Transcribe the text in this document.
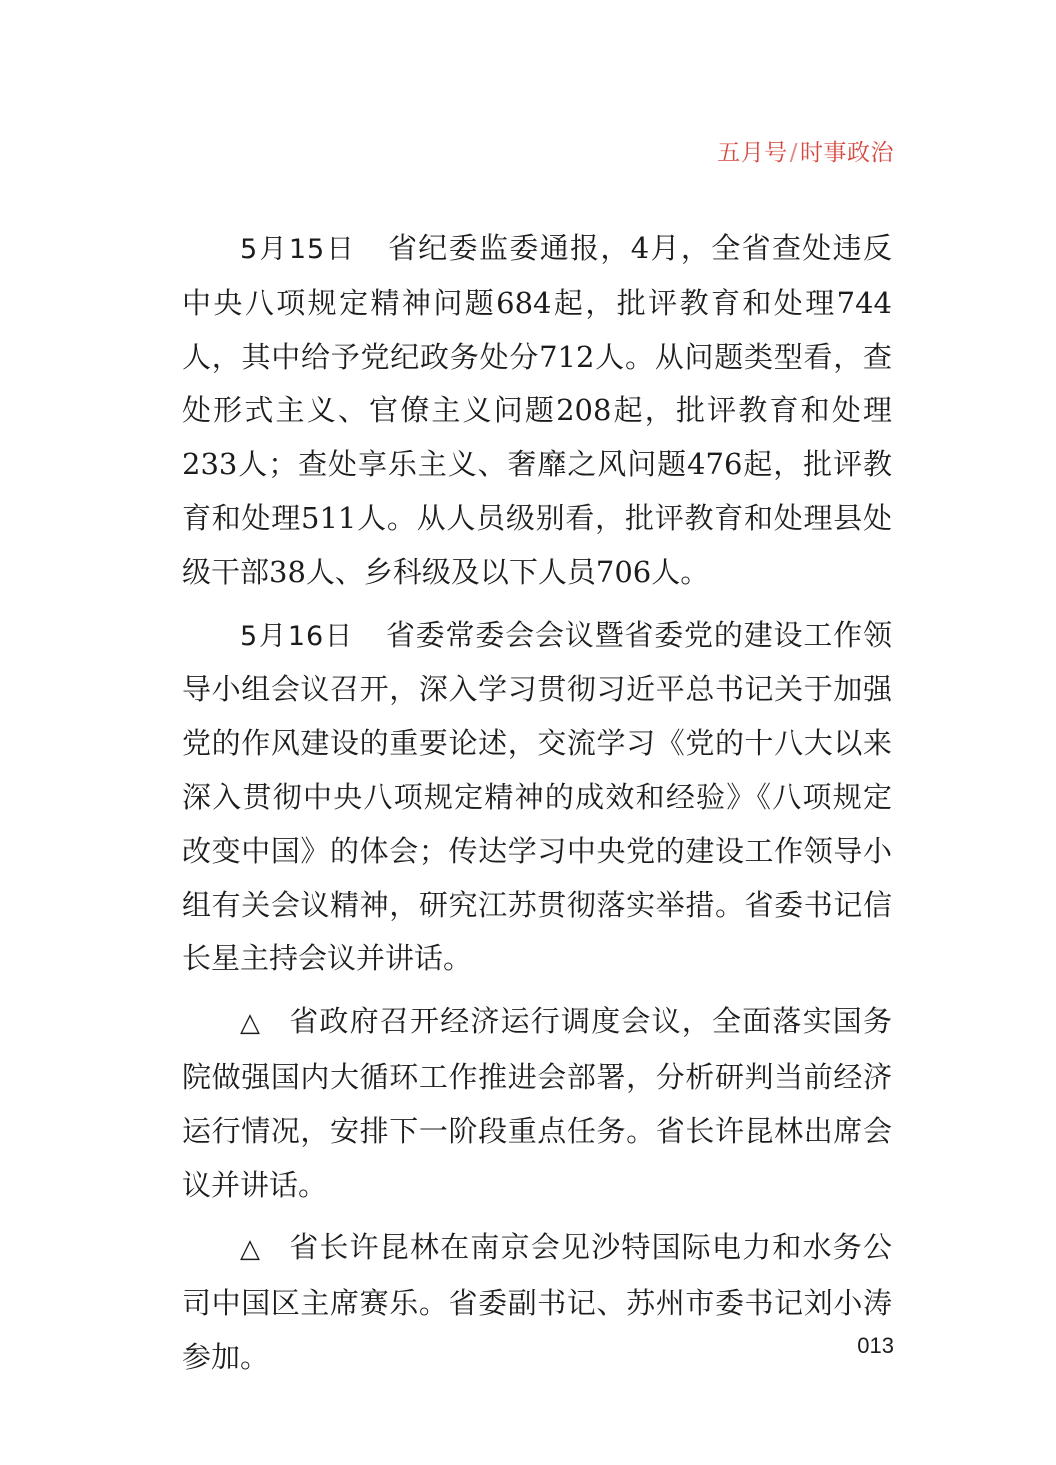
五月号/时事政治

5月15日 省纪委监委通报，4月，全省查处违反中央八项规定精神问题684起，批评教育和处理744人，其中给予党纪政务处分712人。从问题类型看，查处形式主义、官僚主义问题208起，批评教育和处理233人；查处享乐主义、奢靡之风问题476起，批评教育和处理511人。从人员级别看，批评教育和处理县处级干部38人、乡科级及以下人员706人。

5月16日 省委常委会会议暨省委党的建设工作领导小组会议召开，深入学习贯彻习近平总书记关于加强党的作风建设的重要论述，交流学习《党的十八大以来深入贯彻中央八项规定精神的成效和经验》《八项规定改变中国》的体会；传达学习中央党的建设工作领导小组有关会议精神，研究江苏贯彻落实举措。省委书记信长星主持会议并讲话。

△ 省政府召开经济运行调度会议，全面落实国务院做强国内大循环工作推进会部署，分析研判当前经济运行情况，安排下一阶段重点任务。省长许昆林出席会议并讲话。

△ 省长许昆林在南京会见沙特国际电力和水务公司中国区主席赛乐。省委副书记、苏州市委书记刘小涛参加。	013
